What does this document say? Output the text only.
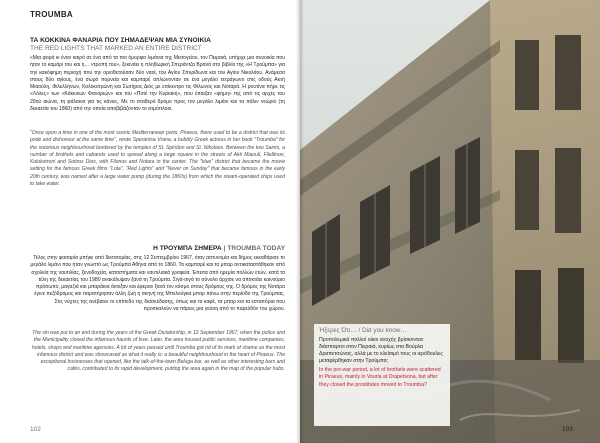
TROUMBA
ΤΑ ΚΟΚΚΙΝΑ ΦΑΝΑΡΙΑ ΠΟΥ ΣΗΜΑΔΕΨΑΝ ΜΙΑ ΣΥΝΟΙΚΙΑ
THE RED LIGHTS THAT MARKED AN ENTIRE DISTRICT

«Μια φορά κι έναν καιρό σε ένα από τα πιο όμορφα λιμάνια της Μεσογείου, τον Πειραιά, υπήρχε μια συνοικία που ήταν το καμάρι του και η… ντροπή του», ξεκινάει η πληθωρική Σπεράντζα Βρανά στο βιβλίο της «Η Τρούμπα» για την κακόφημη περιοχή που την οριοθετούσαν δύο ναοί, του Αγίου Σπυρίδωνα και του Αγίου Νικολάου. Ανάμεσα στους δύο αγίους, ένα σωρό πορνεία και καμπαρέ απλώνονταν σε ένα μεγάλο τετράγωνο στις οδούς Ακτή Μιαούλη, Φιλελλήνων, Κολοκοτρώνη και Σωτήρος Διός με επίκεντρο τις Φίλωνος και Νοταρά. Η ρουτίνα πήρε τις «Λόλες» των «Κόκκινων Φαναριών» και του «Ποτέ την Κυριακή», που έπαιζαν «φήμη» της από τις αρχές του 20ού αιώνα, τη φάλαινα για τις κάνεις. Με το σταθερό δρόμο προς τον μεγάλο λιμάνι και τα πάλιν νεώριο (τη δεκαετία του 1860) από την οποία αποβιβάζονταν το ατμόπλοιο.

"Once upon a time in one of the most scenic Mediterranean ports, Piraeus, there used to be a district that was its pride and dishonour at the same time", wrote Sperantsa Vrana, a bubbly Greek actress in her book "Troumba" for the notorious neighbourhood bordered by the temples of St. Spiridon and St. Nikolaos. Between the two Saints, a number of brothels and cabarets used to spread along a large square in the streets of Akti Miaouli, Filellinon, Kolokotroni and Sotiros Dios, with Filonos and Notara in the center. The "blue" district that became the movie setting for the famous Greek films "Lola", "Red Lights" and "Never on Sunday" that became famous in the early 20th century, was named after a large water pump (during the 1860s) from which the steam-operated ships used to take water.

Η ΤΡΟΥΜΠΑ ΣΗΜΕΡΑ | TROUMBA TODAY

Τέλος στην φασαρία μπήκε από δικτατορίας, στις 12 Σεπτεμβρίου 1967, όταν αστυνομία και δήμος εκκαθάρισε το μεγάλο λιμάνι που ήταν γνωστό ως Τρούμπα Αθήνα από το 1860. Τα καμπαρέ και τα μπαρ αντικαταστάθηκαν από σχολεία της ναυτιλίας, ξενοδοχεία, καταστήματα και ναυτιλιακά γραφεία. Έπειτα από ηρεμία πολλών ετών, κατά τα τέλη της δεκαετίας του 1980 ανακάλυψαν ξανά τη Τρούμπα. Σιγά-σιγά το σύνολο άρχισε να αποκτάει καινούριο πρόσωπο, μαγαζιά και μπαράκια άνοιξαν και έφεραν ξανά τον κόσμο στους δρόμους της. Ο δρόμος της Νοτάρα έγινε πεζόδρομος και παρατήρησαν άλλη ζωή η σκηνή της Μπελούγκα μπαρ πάνω στην περίοδο της Τρούμπας. Στις νύχτες της ανέβαινε το επίπεδο της διασκέδασης, όπως και τα καφέ, τα μπαρ και τα εστιατόρια που προσκαλούν να πάρεις μια γεύση από το παρελθόν του χώρου.

The sin was put to an end during the years of the Greek Dictatorship, in 12 September 1967, when the police and the Municipality closed the infamous haunts of love. Later, the area housed public services, maritime companies, hotels, shops and maritime agencies. A lot of years passed until Troumba got rid of its mark of shame as the most infamous district and was showcased as what it really is: a beautiful neighbourhood in the heart of Piraeus. The exceptional businesses that opened, like the talk-of-the-town Beluga bar, as well as other interesting bars and cafés, contributed to its rapid development, putting the area again in the map of the popular hubs.

102
Ήξερες Ότι… / Did you know…

Προπολεμικά πολλοί οίκοι ανοχής βρίσκονταν διάσπαρτοι στον Πειραιά, κυρίως στα Βούρλα Δραπετσώνας, αλλά με το κλείσιμό τους οι ιερόδουλες μεταφέρθηκαν στην Τρούμπα;

In the pre-war period, a lot of brothels were scattered in Piraeus, mainly in Vourla at Drapetsona, but after they closed the prostitutes moved to Troumba?

103
